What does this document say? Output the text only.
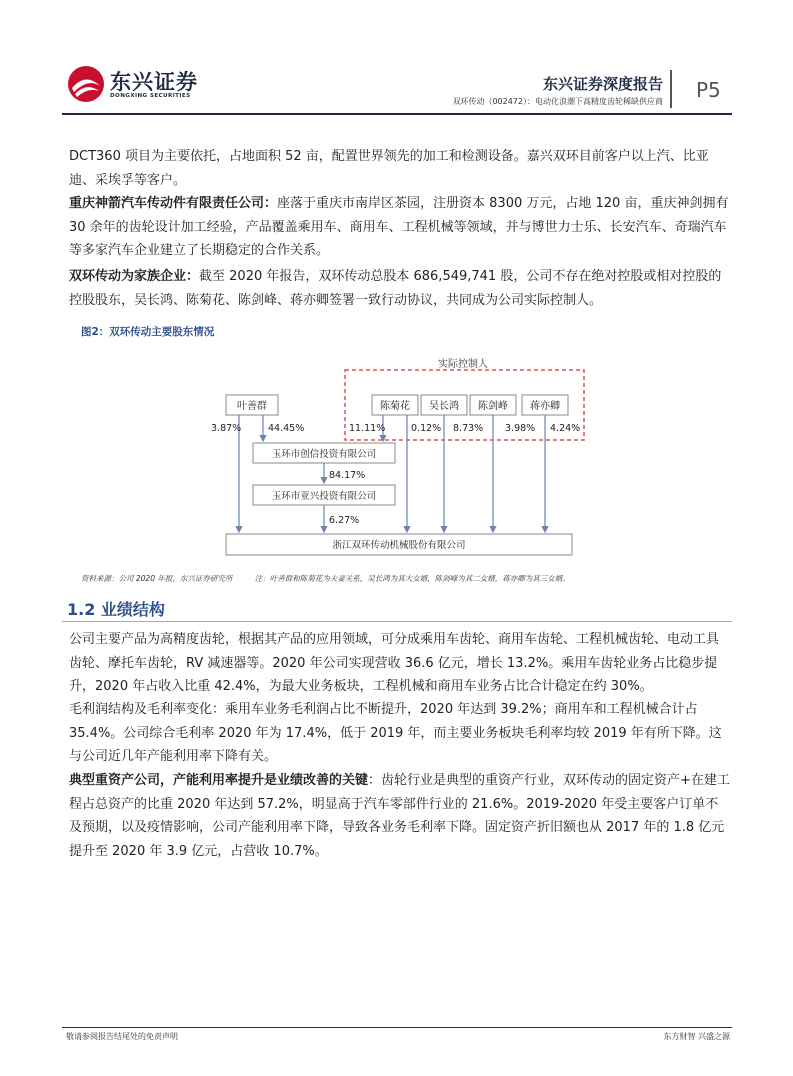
东兴证券
DONGXING SECURITIES
东兴证券深度报告
双环传动（002472）：电动化浪潮下高精度齿轮稀缺供应商 P5

DCT360 项目为主要依托，占地面积 52 亩，配置世界领先的加工和检测设备。嘉兴双环目前客户以上汽、比亚迪、采埃孚等客户。

重庆神箭汽车传动件有限责任公司：座落于重庆市南岸区茶园，注册资本 8300 万元，占地 120 亩，重庆神剑拥有 30 余年的齿轮设计加工经验，产品覆盖乘用车、商用车、工程机械等领域，并与博世力士乐、长安汽车、奇瑞汽车等多家汽车企业建立了长期稳定的合作关系。

双环传动为家族企业：截至 2020 年报告，双环传动总股本 686,549,741 股，公司不存在绝对控股或相对控股的控股股东，吴长鸿、陈菊花、陈剑峰、蒋亦卿签署一致行动协议，共同成为公司实际控制人。

图2：双环传动主要股东情况
实际控制人
叶善群	陈菊花 吴长鸿 陈剑峰 蒋亦卿
玉环市创信投资有限公司
玉环市亚兴投资有限公司
浙江双环传动机械股份有限公司
3.87%	44.45%	11.11%	0.12% 8.73% 3.98% 4.24%
84.17%
6.27%
资料来源：公司 2020 年报，东兴证券研究所	注：叶善群和陈菊花为夫妻关系，吴长鸿为其大女婿，陈剑峰为其二女婿，蒋亦卿为其三女婿。
1.2 业绩结构

公司主要产品为高精度齿轮，根据其产品的应用领域，可分成乘用车齿轮、商用车齿轮、工程机械齿轮、电动工具齿轮、摩托车齿轮，RV 减速器等。2020 年公司实现营收 36.6 亿元，增长 13.2%。乘用车齿轮业务占比稳步提升，2020 年占收入比重 42.4%，为最大业务板块，工程机械和商用车业务占比合计稳定在约 30%。

毛利润结构及毛利率变化：乘用车业务毛利润占比不断提升，2020 年达到 39.2%；商用车和工程机械合计占 35.4%。公司综合毛利率 2020 年为 17.4%，低于 2019 年，而主要业务板块毛利率均较 2019 年有所下降。这与公司近几年产能利用率下降有关。

典型重资产公司，产能利用率提升是业绩改善的关键：齿轮行业是典型的重资产行业，双环传动的固定资产+在建工程占总资产的比重 2020 年达到 57.2%，明显高于汽车零部件行业的 21.6%。2019-2020 年受主要客户订单不及预期，以及疫情影响，公司产能利用率下降，导致各业务毛利率下降。固定资产折旧额也从 2017 年的 1.8 亿元提升至 2020 年 3.9 亿元，占营收 10.7%。

敬请参阅报告结尾处的免责声明	东方财智 兴盛之源
